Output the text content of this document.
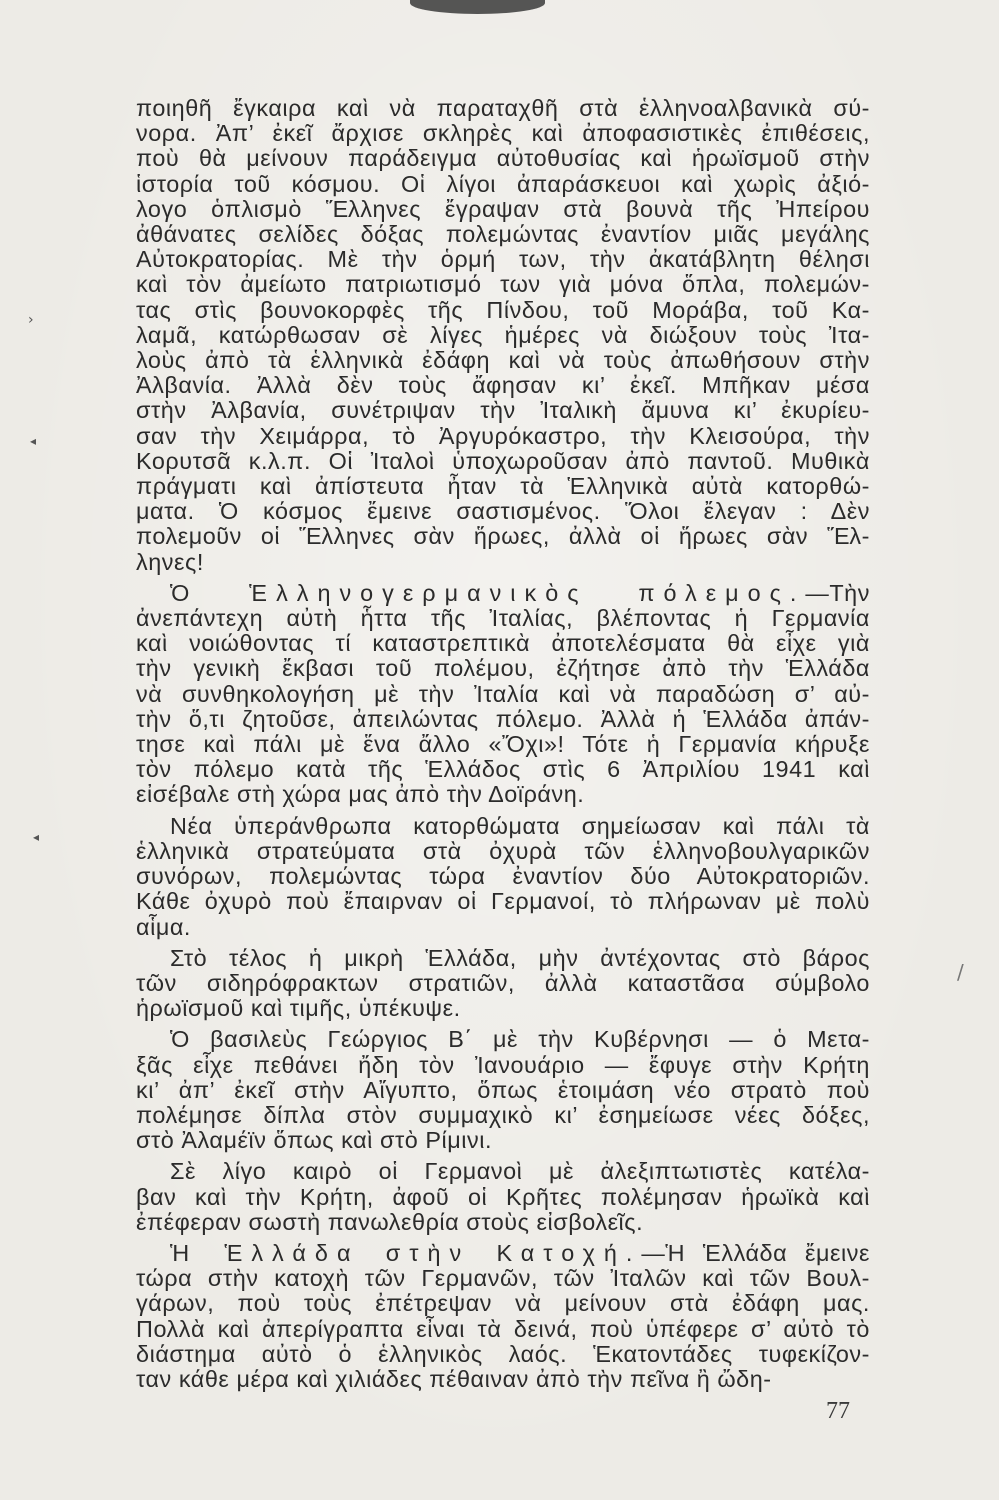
›
◂
◂
/
ποιηθῆ ἔγκαιρα καὶ νὰ παραταχθῆ στὰ ἑλληνοαλβανικὰ σύ-
νορα. Ἀπ’ ἐκεῖ ἄρχισε σκληρὲς καὶ ἀποφασιστικὲς ἐπιθέσεις,
ποὺ θὰ μείνουν παράδειγμα αὐτοθυσίας καὶ ἡρωϊσμοῦ στὴν
ἱστορία τοῦ κόσμου. Οἱ λίγοι ἀπαράσκευοι καὶ χωρὶς ἀξιό-
λογο ὁπλισμὸ Ἕλληνες ἔγραψαν στὰ βουνὰ τῆς Ἠπείρου
ἀθάνατες σελίδες δόξας πολεμώντας ἐναντίον μιᾶς μεγάλης
Αὐτοκρατορίας. Μὲ τὴν ὁρμή των, τὴν ἀκατάβλητη θέλησι
καὶ τὸν ἀμείωτο πατριωτισμό των γιὰ μόνα ὅπλα, πολεμών-
τας στὶς βουνοκορφὲς τῆς Πίνδου, τοῦ Μοράβα, τοῦ Κα-
λαμᾶ, κατώρθωσαν σὲ λίγες ἡμέρες νὰ διώξουν τοὺς Ἰτα-
λοὺς ἀπὸ τὰ ἑλληνικὰ ἐδάφη καὶ νὰ τοὺς ἀπωθήσουν στὴν
Ἀλβανία. Ἀλλὰ δὲν τοὺς ἄφησαν κι’ ἐκεῖ. Μπῆκαν μέσα
στὴν Ἀλβανία, συνέτριψαν τὴν Ἰταλικὴ ἄμυνα κι’ ἐκυρίευ-
σαν τὴν Χειμάρρα, τὸ Ἀργυρόκαστρο, τὴν Κλεισούρα, τὴν
Κορυτσᾶ κ.λ.π. Οἱ Ἰταλοὶ ὑποχωροῦσαν ἀπὸ παντοῦ. Μυθικὰ
πράγματι καὶ ἀπίστευτα ἦταν τὰ Ἑλληνικὰ αὐτὰ κατορθώ-
ματα. Ὁ κόσμος ἔμεινε σαστισμένος. Ὅλοι ἔλεγαν : Δὲν
πολεμοῦν οἱ Ἕλληνες σὰν ἥρωες, ἀλλὰ οἱ ἥρωες σὰν Ἕλ-
ληνες!
Ὁ Ἑλληνογερμανικὸς πόλεμος.—Τὴν
ἀνεπάντεχη αὐτὴ ἧττα τῆς Ἰταλίας, βλέποντας ἡ Γερμανία
καὶ νοιώθοντας τί καταστρεπτικὰ ἀποτελέσματα θὰ εἶχε γιὰ
τὴν γενικὴ ἔκβασι τοῦ πολέμου, ἐζήτησε ἀπὸ τὴν Ἑλλάδα
νὰ συνθηκολογήση μὲ τὴν Ἰταλία καὶ νὰ παραδώση σ’ αὐ-
τὴν ὅ,τι ζητοῦσε, ἀπειλώντας πόλεμο. Ἀλλὰ ἡ Ἑλλάδα ἀπάν-
τησε καὶ πάλι μὲ ἕνα ἄλλο «Ὄχι»! Τότε ἡ Γερμανία κήρυξε
τὸν πόλεμο κατὰ τῆς Ἑλλάδος στὶς 6 Ἀπριλίου 1941 καὶ
εἰσέβαλε στὴ χώρα μας ἀπὸ τὴν Δοϊράνη.
Νέα ὑπεράνθρωπα κατορθώματα σημείωσαν καὶ πάλι τὰ
ἑλληνικὰ στρατεύματα στὰ ὀχυρὰ τῶν ἑλληνοβουλγαρικῶν
συνόρων, πολεμώντας τώρα ἐναντίον δύο Αὐτοκρατοριῶν.
Κάθε ὀχυρὸ ποὺ ἔπαιρναν οἱ Γερμανοί, τὸ πλήρωναν μὲ πολὺ
αἷμα.
Στὸ τέλος ἡ μικρὴ Ἑλλάδα, μὴν ἀντέχοντας στὸ βάρος
τῶν σιδηρόφρακτων στρατιῶν, ἀλλὰ καταστᾶσα σύμβολο
ἡρωϊσμοῦ καὶ τιμῆς, ὑπέκυψε.
Ὁ βασιλεὺς Γεώργιος Β΄ μὲ τὴν Κυβέρνησι — ὁ Μετα-
ξᾶς εἶχε πεθάνει ἤδη τὸν Ἰανουάριο — ἔφυγε στὴν Κρήτη
κι’ ἀπ’ ἐκεῖ στὴν Αἴγυπτο, ὅπως ἑτοιμάση νέο στρατὸ ποὺ
πολέμησε δίπλα στὸν συμμαχικὸ κι’ ἐσημείωσε νέες δόξες,
στὸ Ἀλαμέϊν ὅπως καὶ στὸ Ρίμινι.
Σὲ λίγο καιρὸ οἱ Γερμανοὶ μὲ ἀλεξιπτωτιστὲς κατέλα-
βαν καὶ τὴν Κρήτη, ἀφοῦ οἱ Κρῆτες πολέμησαν ἡρωϊκὰ καὶ
ἐπέφεραν σωστὴ πανωλεθρία στοὺς εἰσβολεῖς.
Ἡ Ἑλλάδα στὴν Κατοχή.—Ἡ Ἑλλάδα ἔμεινε
τώρα στὴν κατοχὴ τῶν Γερμανῶν, τῶν Ἰταλῶν καὶ τῶν Βουλ-
γάρων, ποὺ τοὺς ἐπέτρεψαν νὰ μείνουν στὰ ἐδάφη μας.
Πολλὰ καὶ ἀπερίγραπτα εἶναι τὰ δεινά, ποὺ ὑπέφερε σ’ αὐτὸ τὸ
διάστημα αὐτὸ ὁ ἑλληνικὸς λαός. Ἑκατοντάδες τυφεκίζον-
ταν κάθε μέρα καὶ χιλιάδες πέθαιναν ἀπὸ τὴν πεῖνα ἢ ὤδη-
77
